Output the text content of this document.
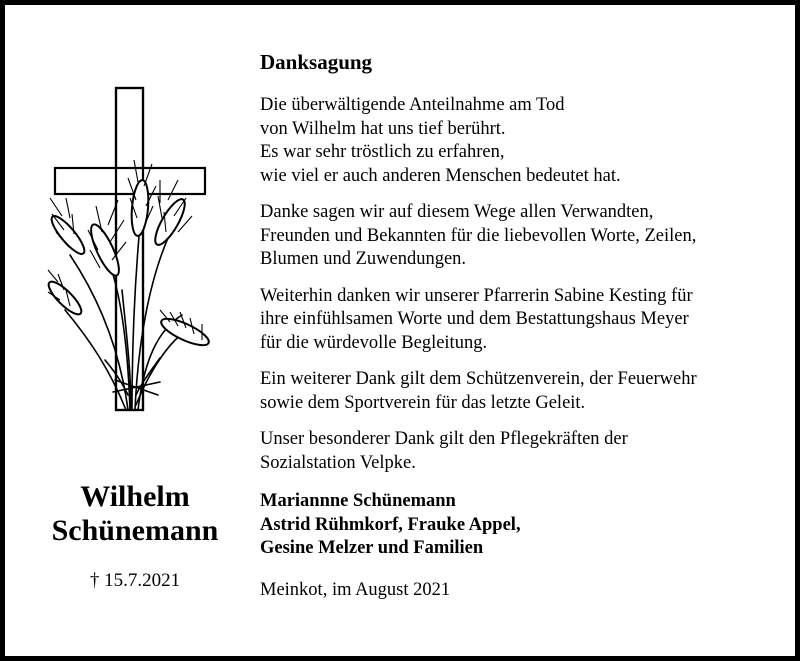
Wilhelm
Schünemann
† 15.7.2021
Danksagung
Die überwältigende Anteilnahme am Tod
von Wilhelm hat uns tief berührt.
Es war sehr tröstlich zu erfahren,
wie viel er auch anderen Menschen bedeutet hat.
Danke sagen wir auf diesem Wege allen Verwandten,
Freunden und Bekannten für die liebevollen Worte, Zeilen,
Blumen und Zuwendungen.
Weiterhin danken wir unserer Pfarrerin Sabine Kesting für
ihre einfühlsamen Worte und dem Bestattungshaus Meyer
für die würdevolle Begleitung.
Ein weiterer Dank gilt dem Schützenverein, der Feuerwehr
sowie dem Sportverein für das letzte Geleit.
Unser besonderer Dank gilt den Pflegekräften der
Sozialstation Velpke.
Mariannne Schünemann
Astrid Rühmkorf, Frauke Appel,
Gesine Melzer und Familien
Meinkot, im August 2021
